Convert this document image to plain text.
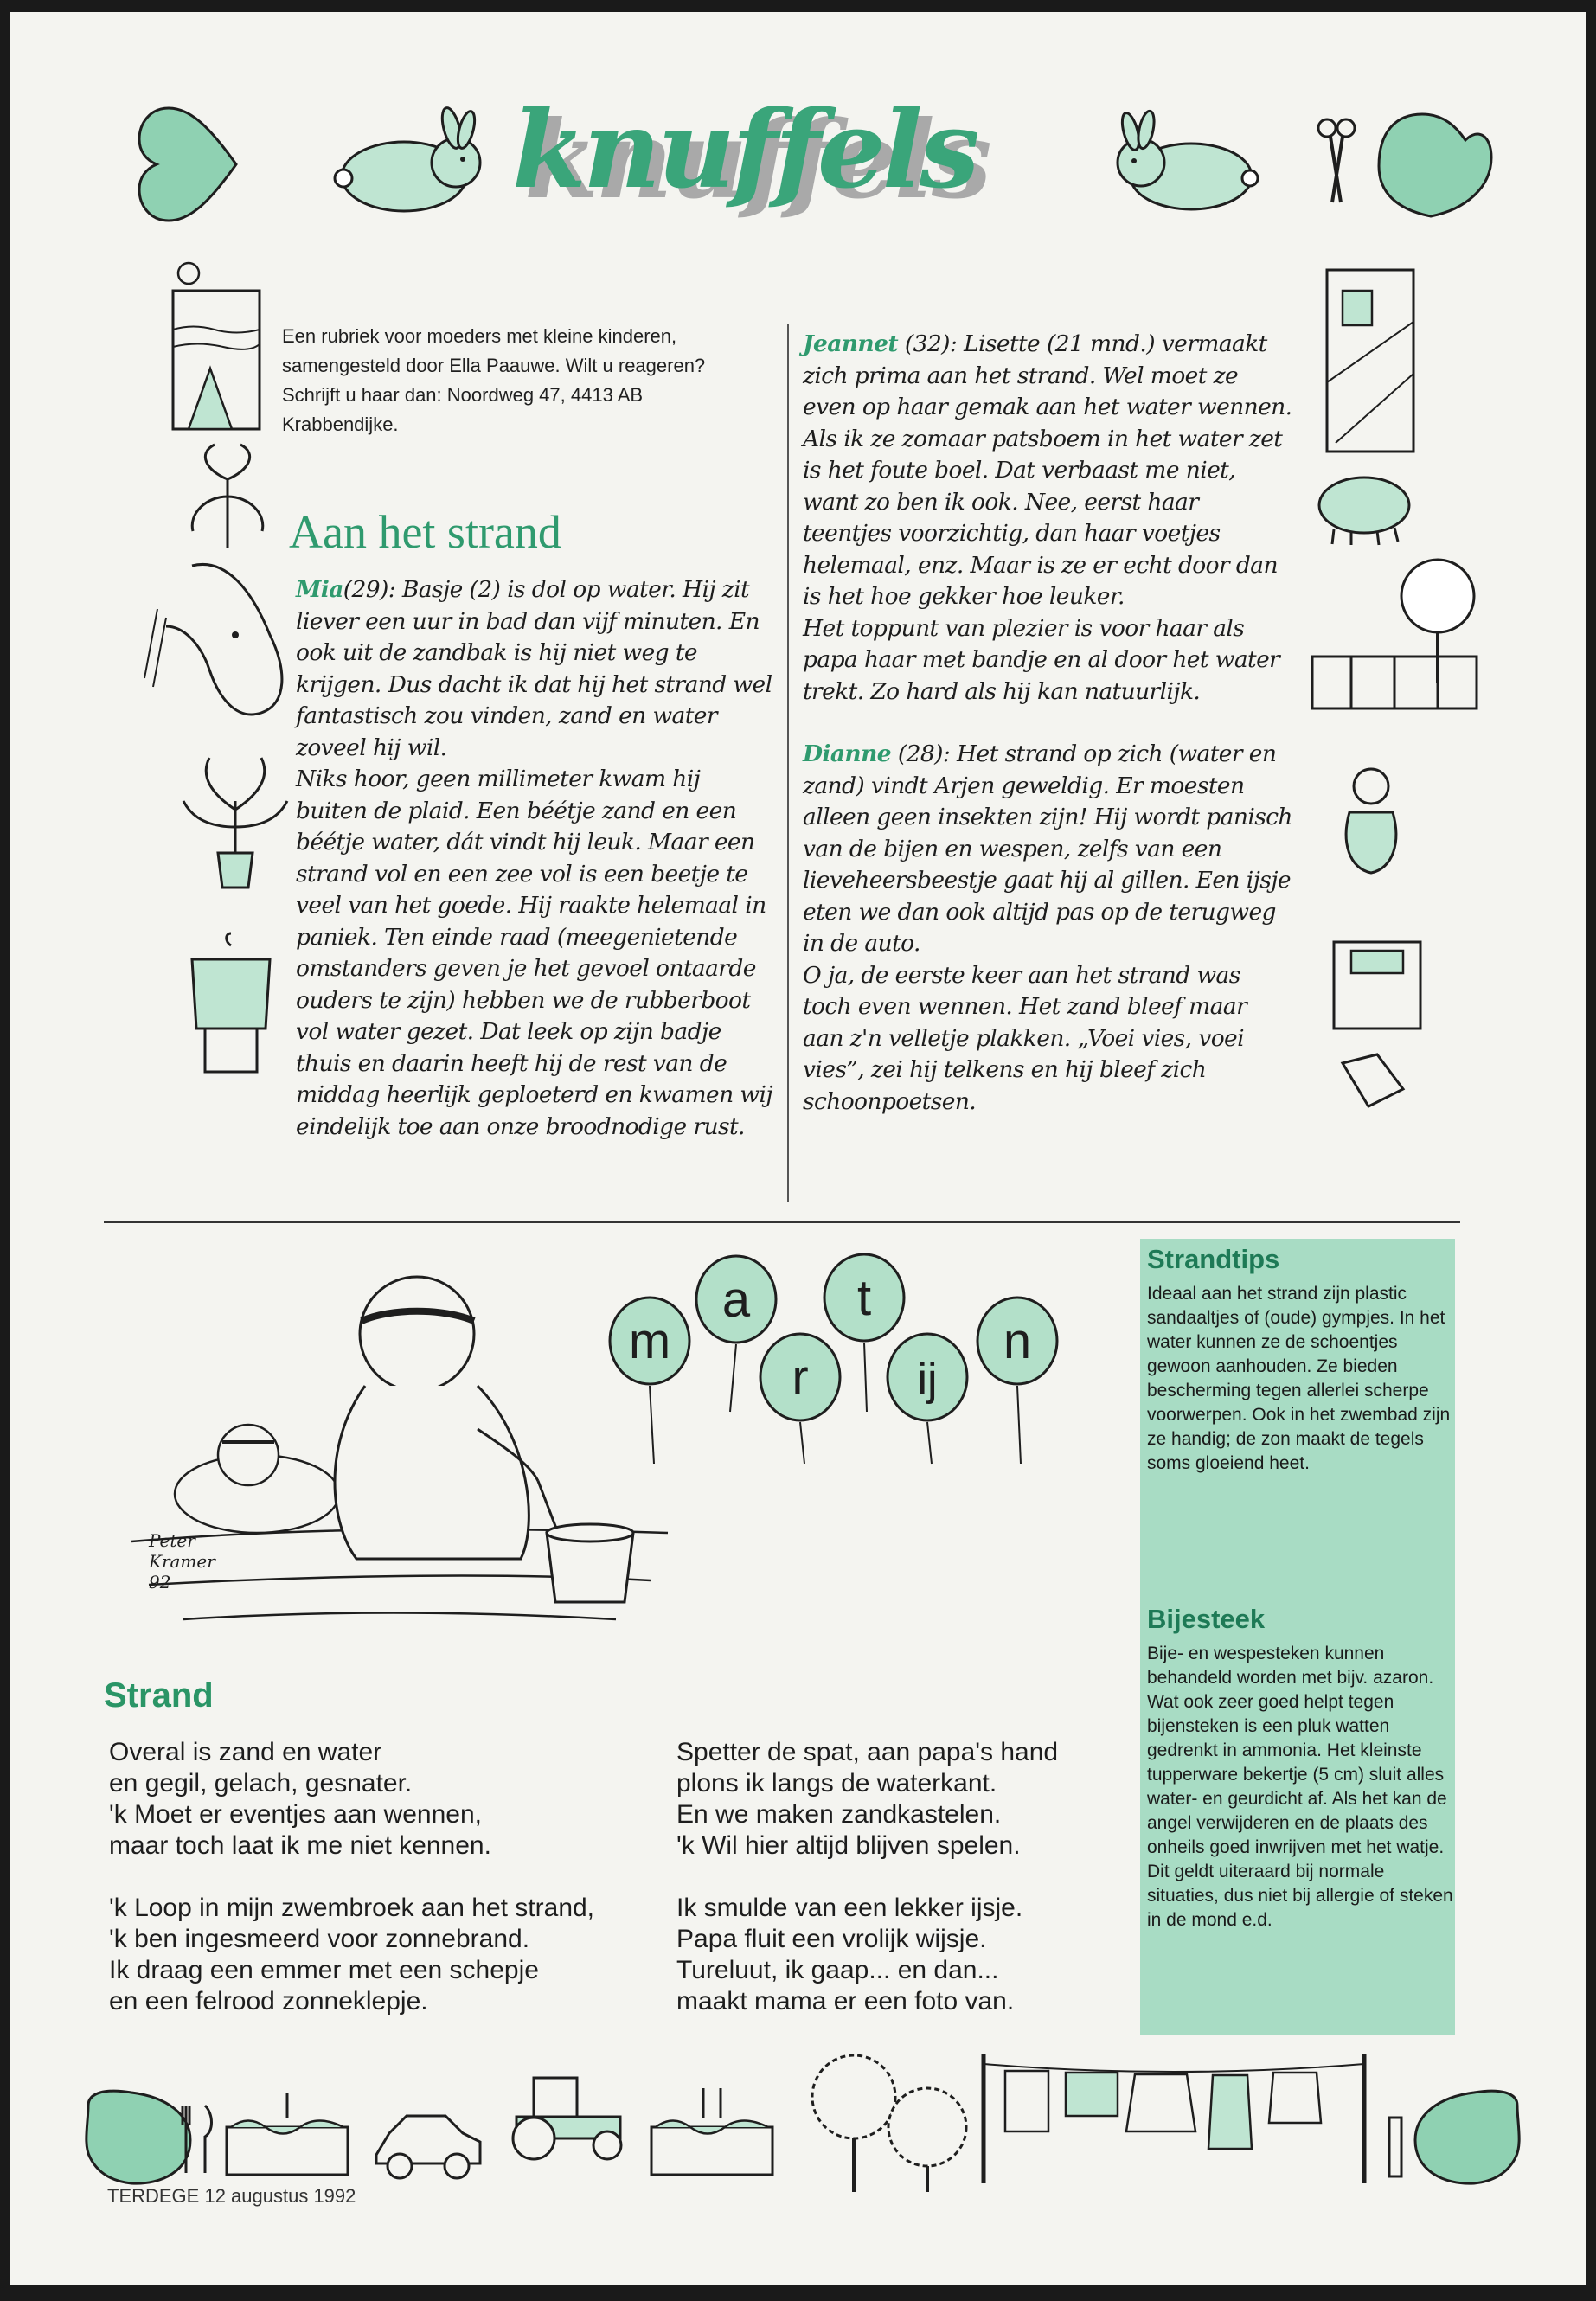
knuffels
Een rubriek voor moeders met kleine kinderen, samengesteld door Ella Paauwe. Wilt u reageren? Schrijft u haar dan: Noordweg 47, 4413 AB Krabbendijke.
Aan het strand

Mia(29): Basje (2) is dol op water. Hij zit liever een uur in bad dan vijf minuten. En ook uit de zandbak is hij niet weg te krijgen. Dus dacht ik dat hij het strand wel fantastisch zou vinden, zand en water zoveel hij wil.

Niks hoor, geen millimeter kwam hij buiten de plaid. Een béétje zand en een béétje water, dát vindt hij leuk. Maar een strand vol en een zee vol is een beetje te veel van het goede. Hij raakte helemaal in paniek. Ten einde raad (meegenietende omstanders geven je het gevoel ontaarde ouders te zijn) hebben we de rubberboot vol water gezet. Dat leek op zijn badje thuis en daarin heeft hij de rest van de middag heerlijk geploeterd en kwamen wij eindelijk toe aan onze broodnodige rust.

Jeannet (32): Lisette (21 mnd.) vermaakt zich prima aan het strand. Wel moet ze even op haar gemak aan het water wennen. Als ik ze zomaar patsboem in het water zet is het foute boel. Dat verbaast me niet, want zo ben ik ook. Nee, eerst haar teentjes voorzichtig, dan haar voetjes helemaal, enz. Maar is ze er echt door dan is het hoe gekker hoe leuker.

Het toppunt van plezier is voor haar als papa haar met bandje en al door het water trekt. Zo hard als hij kan natuurlijk.

Dianne (28): Het strand op zich (water en zand) vindt Arjen geweldig. Er moesten alleen geen insekten zijn! Hij wordt panisch van de bijen en wespen, zelfs van een lieveheersbeestje gaat hij al gillen. Een ijsje eten we dan ook altijd pas op de terugweg in de auto.

O ja, de eerste keer aan het strand was toch even wennen. Het zand bleef maar aan z'n velletje plakken. „Voei vies, voei vies”, zei hij telkens en hij bleef zich schoonpoetsen.

Peter Kramer 92
m
a
r
t
ij
n
Strandtips
Ideaal aan het strand zijn plastic sandaaltjes of (oude) gympjes. In het water kunnen ze de schoentjes gewoon aanhouden. Ze bieden bescherming tegen allerlei scherpe voorwerpen. Ook in het zwembad zijn ze handig; de zon maakt de tegels soms gloeiend heet.
Bijesteek
Bije- en wespesteken kunnen behandeld worden met bijv. azaron. Wat ook zeer goed helpt tegen bijensteken is een pluk watten gedrenkt in ammonia. Het kleinste tupperware bekertje (5 cm) sluit alles water- en geurdicht af. Als het kan de angel verwijderen en de plaats des onheils goed inwrijven met het watje. Dit geldt uiteraard bij normale situaties, dus niet bij allergie of steken in de mond e.d.
Strand

Overal is zand en water
en gegil, gelach, gesnater.
'k Moet er eventjes aan wennen,
maar toch laat ik me niet kennen.

'k Loop in mijn zwembroek aan het strand,
'k ben ingesmeerd voor zonnebrand.
Ik draag een emmer met een schepje
en een felrood zonneklepje.

Spetter de spat, aan papa's hand
plons ik langs de waterkant.
En we maken zandkastelen.
'k Wil hier altijd blijven spelen.

Ik smulde van een lekker ijsje.
Papa fluit een vrolijk wijsje.
Tureluut, ik gaap... en dan...
maakt mama er een foto van.

TERDEGE 12 augustus 1992
